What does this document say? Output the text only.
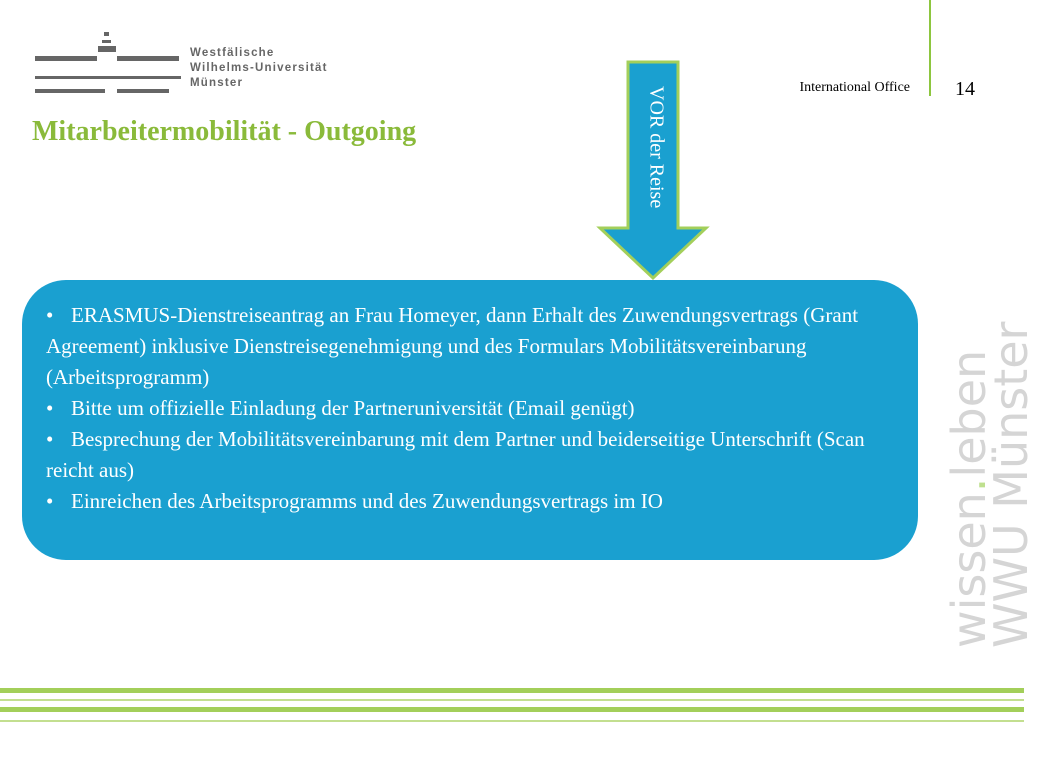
Westfälische
Wilhelms-Universität
Münster	International Office	14
Mitarbeitermobilität - Outgoing	VOR der Reise
• ERASMUS-Dienstreiseantrag an Frau Homeyer, dann Erhalt des Zuwendungsvertrags (Grant Agreement) inklusive Dienstreisegenehmigung und des Formulars Mobilitätsvereinbarung (Arbeitsprogramm)
• Bitte um offizielle Einladung der Partneruniversität (Email genügt)
• Besprechung der Mobilitätsvereinbarung mit dem Partner und beiderseitige Unterschrift (Scan reicht aus)
• Einreichen des Arbeitsprogramms und des Zuwendungsvertrags im IO	wissen.leben
WWU Münster
